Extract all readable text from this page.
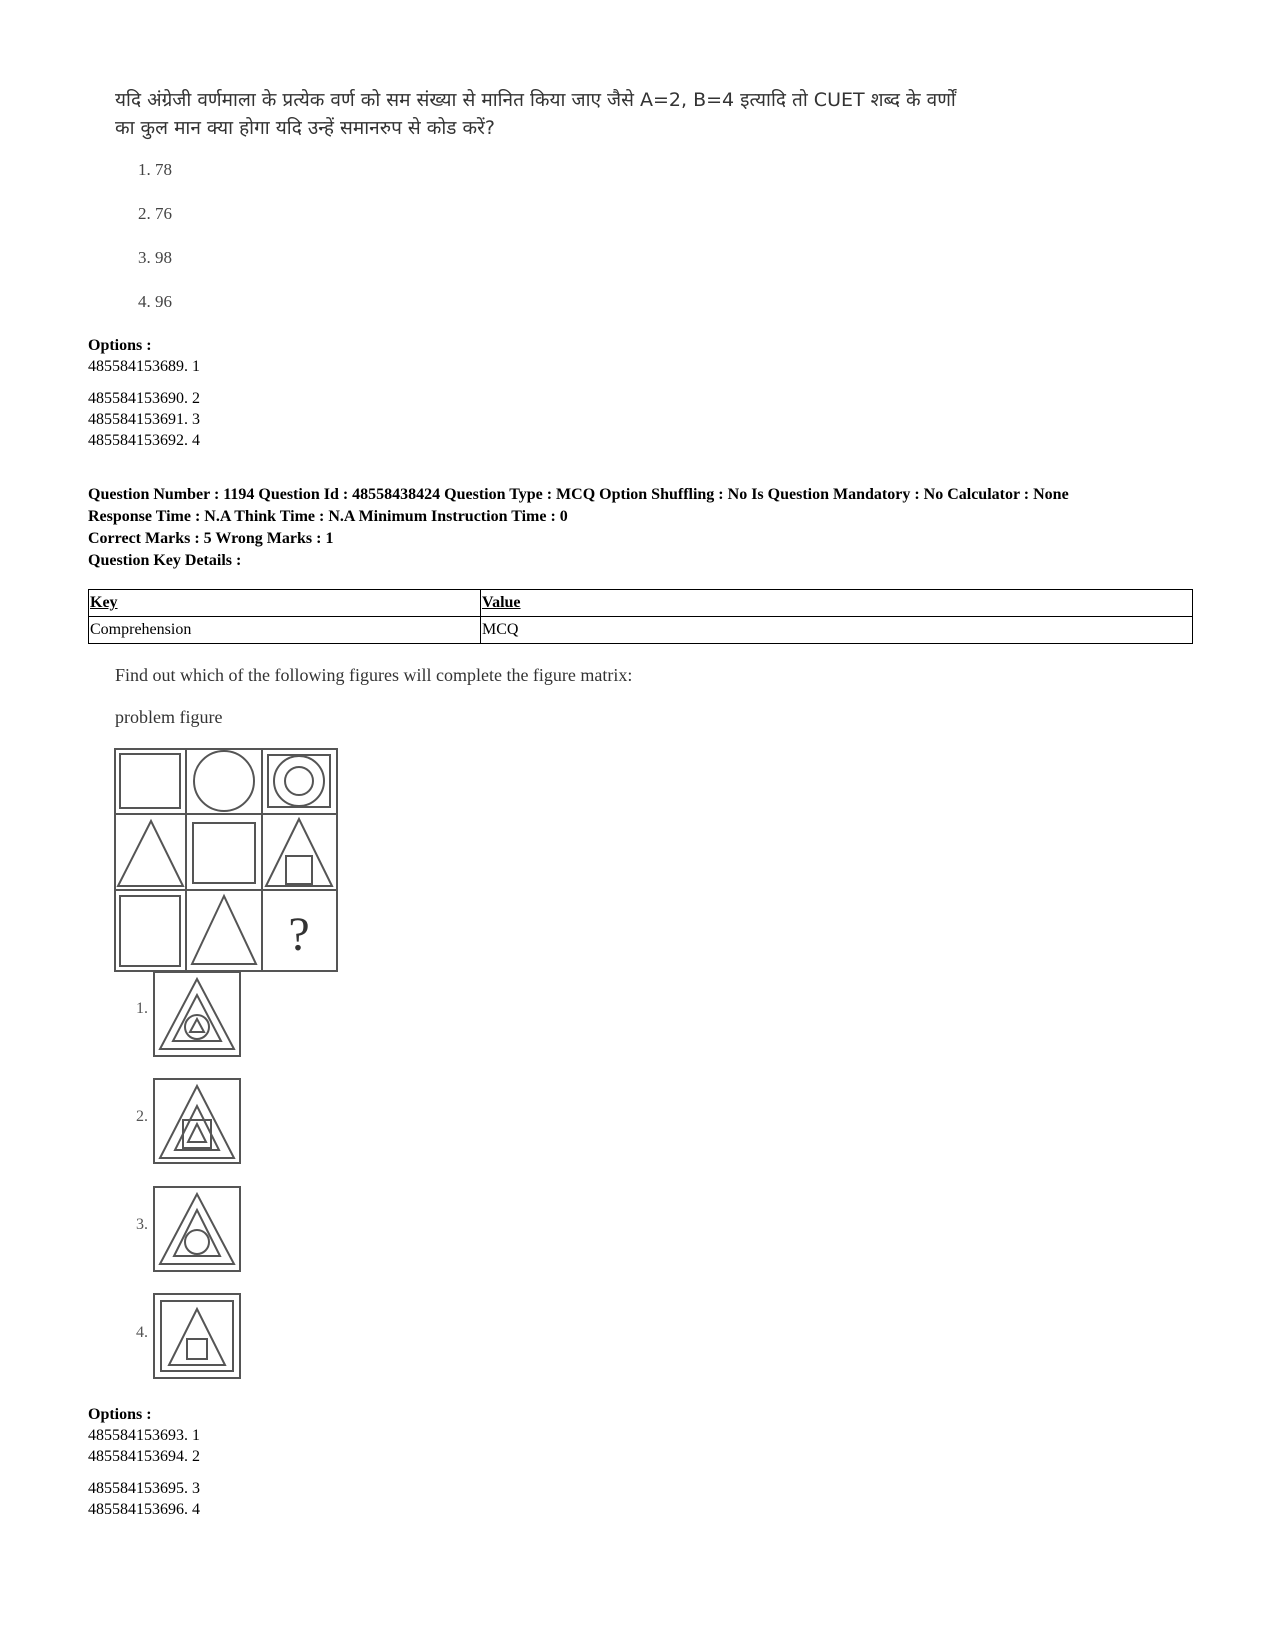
यदि अंग्रेजी वर्णमाला के प्रत्येक वर्ण को सम संख्या से मानित किया जाए जैसे A=2, B=4 इत्यादि तो CUET शब्द के वर्णों
का कुल मान क्या होगा यदि उन्हें समानरुप से कोड करें?
1. 78
2. 76
3. 98
4. 96
Options :
485584153689. 1
485584153690. 2
485584153691. 3
485584153692. 4
Question Number : 1194 Question Id : 48558438424 Question Type : MCQ Option Shuffling : No Is Question Mandatory : No Calculator : None
Response Time : N.A Think Time : N.A Minimum Instruction Time : 0
Correct Marks : 5 Wrong Marks : 1
Question Key Details :
Key	Value
Comprehension	MCQ
Find out which of the following figures will complete the figure matrix:
problem figure
?
1.
2.
3.
4.
Options :
485584153693. 1
485584153694. 2
485584153695. 3
485584153696. 4
